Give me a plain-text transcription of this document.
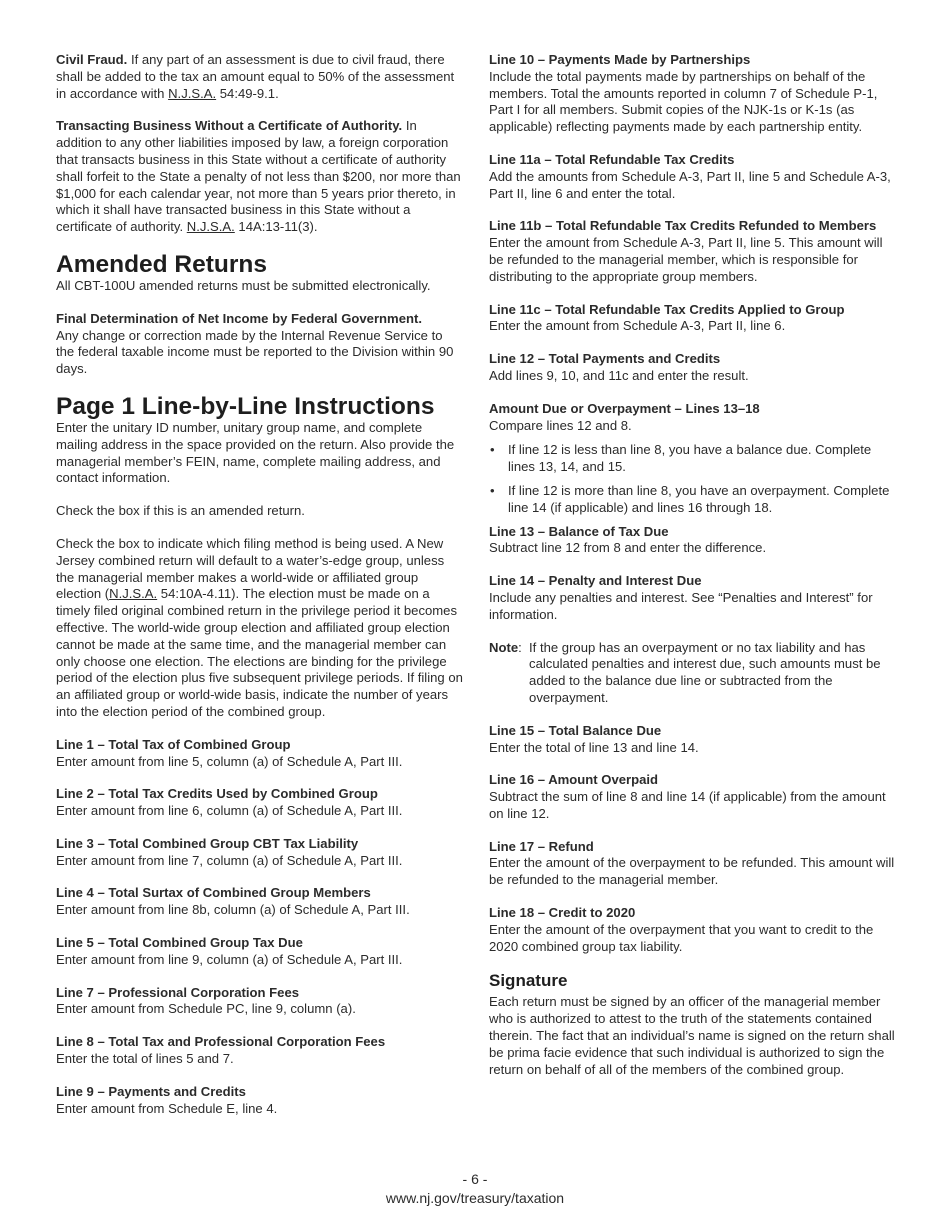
Civil Fraud. If any part of an assessment is due to civil fraud, there shall be added to the tax an amount equal to 50% of the assessment in accordance with N.J.S.A. 54:49-9.1.

Transacting Business Without a Certificate of Authority. In addition to any other liabilities imposed by law, a foreign corporation that transacts business in this State without a certificate of authority shall forfeit to the State a penalty of not less than $200, nor more than $1,000 for each calendar year, not more than 5 years prior thereto, in which it shall have transacted business in this State without a certificate of authority. N.J.S.A. 14A:13-11(3).

Amended Returns

All CBT-100U amended returns must be submitted electronically.

Final Determination of Net Income by Federal Government.
Any change or correction made by the Internal Revenue Service to the federal taxable income must be reported to the Division within 90 days.
Page 1 Line-by-Line Instructions

Enter the unitary ID number, unitary group name, and complete mailing address in the space provided on the return. Also provide the managerial member’s FEIN, name, complete mailing address, and contact information.

Check the box if this is an amended return.

Check the box to indicate which filing method is being used. A New Jersey combined return will default to a water’s-edge group, unless the managerial member makes a world-wide or affiliated group election (N.J.S.A. 54:10A-4.11). The election must be made on a timely filed original combined return in the privilege period it becomes effective. The world-wide group election and affiliated group election cannot be made at the same time, and the managerial member can only choose one election. The elections are binding for the privilege period of the election plus five subsequent privilege periods. If filing on an affiliated group or world-wide basis, indicate the number of years into the election period of the combined group.

Line 1 – Total Tax of Combined Group
Enter amount from line 5, column (a) of Schedule A, Part III.
Line 2 – Total Tax Credits Used by Combined Group
Enter amount from line 6, column (a) of Schedule A, Part III.
Line 3 – Total Combined Group CBT Tax Liability
Enter amount from line 7, column (a) of Schedule A, Part III.
Line 4 – Total Surtax of Combined Group Members
Enter amount from line 8b, column (a) of Schedule A, Part III.
Line 5 – Total Combined Group Tax Due
Enter amount from line 9, column (a) of Schedule A, Part III.
Line 7 – Professional Corporation Fees
Enter amount from Schedule PC, line 9, column (a).
Line 8 – Total Tax and Professional Corporation Fees
Enter the total of lines 5 and 7.
Line 9 – Payments and Credits
Enter amount from Schedule E, line 4.
Line 10 – Payments Made by Partnerships
Include the total payments made by partnerships on behalf of the members. Total the amounts reported in column 7 of Schedule P-1, Part I for all members. Submit copies of the NJK-1s or K-1s (as applicable) reflecting payments made by each partnership entity.
Line 11a – Total Refundable Tax Credits
Add the amounts from Schedule A-3, Part II, line 5 and Schedule A-3, Part II, line 6 and enter the total.
Line 11b – Total Refundable Tax Credits Refunded to Members
Enter the amount from Schedule A-3, Part II, line 5. This amount will be refunded to the managerial member, which is responsible for distributing to the appropriate group members.
Line 11c – Total Refundable Tax Credits Applied to Group
Enter the amount from Schedule A-3, Part II, line 6.
Line 12 – Total Payments and Credits
Add lines 9, 10, and 11c and enter the result.
Amount Due or Overpayment – Lines 13–18
Compare lines 12 and 8.
• If line 12 is less than line 8, you have a balance due. Complete lines 13, 14, and 15.
• If line 12 is more than line 8, you have an overpayment. Complete line 14 (if applicable) and lines 16 through 18.
Line 13 – Balance of Tax Due
Subtract line 12 from 8 and enter the difference.
Line 14 – Penalty and Interest Due
Include any penalties and interest. See “Penalties and Interest” for information.
Note : If the group has an overpayment or no tax liability and has calculated penalties and interest due, such amounts must be added to the balance due line or subtracted from the overpayment.
Line 15 – Total Balance Due
Enter the total of line 13 and line 14.
Line 16 – Amount Overpaid
Subtract the sum of line 8 and line 14 (if applicable) from the amount on line 12.
Line 17 – Refund
Enter the amount of the overpayment to be refunded. This amount will be refunded to the managerial member.
Line 18 – Credit to 2020
Enter the amount of the overpayment that you want to credit to the 2020 combined group tax liability.
Signature

Each return must be signed by an officer of the managerial member who is authorized to attest to the truth of the statements contained therein. The fact that an individual’s name is signed on the return shall be prima facie evidence that such individual is authorized to sign the return on behalf of all of the members of the combined group.

- 6 -
www.nj.gov/treasury/taxation
